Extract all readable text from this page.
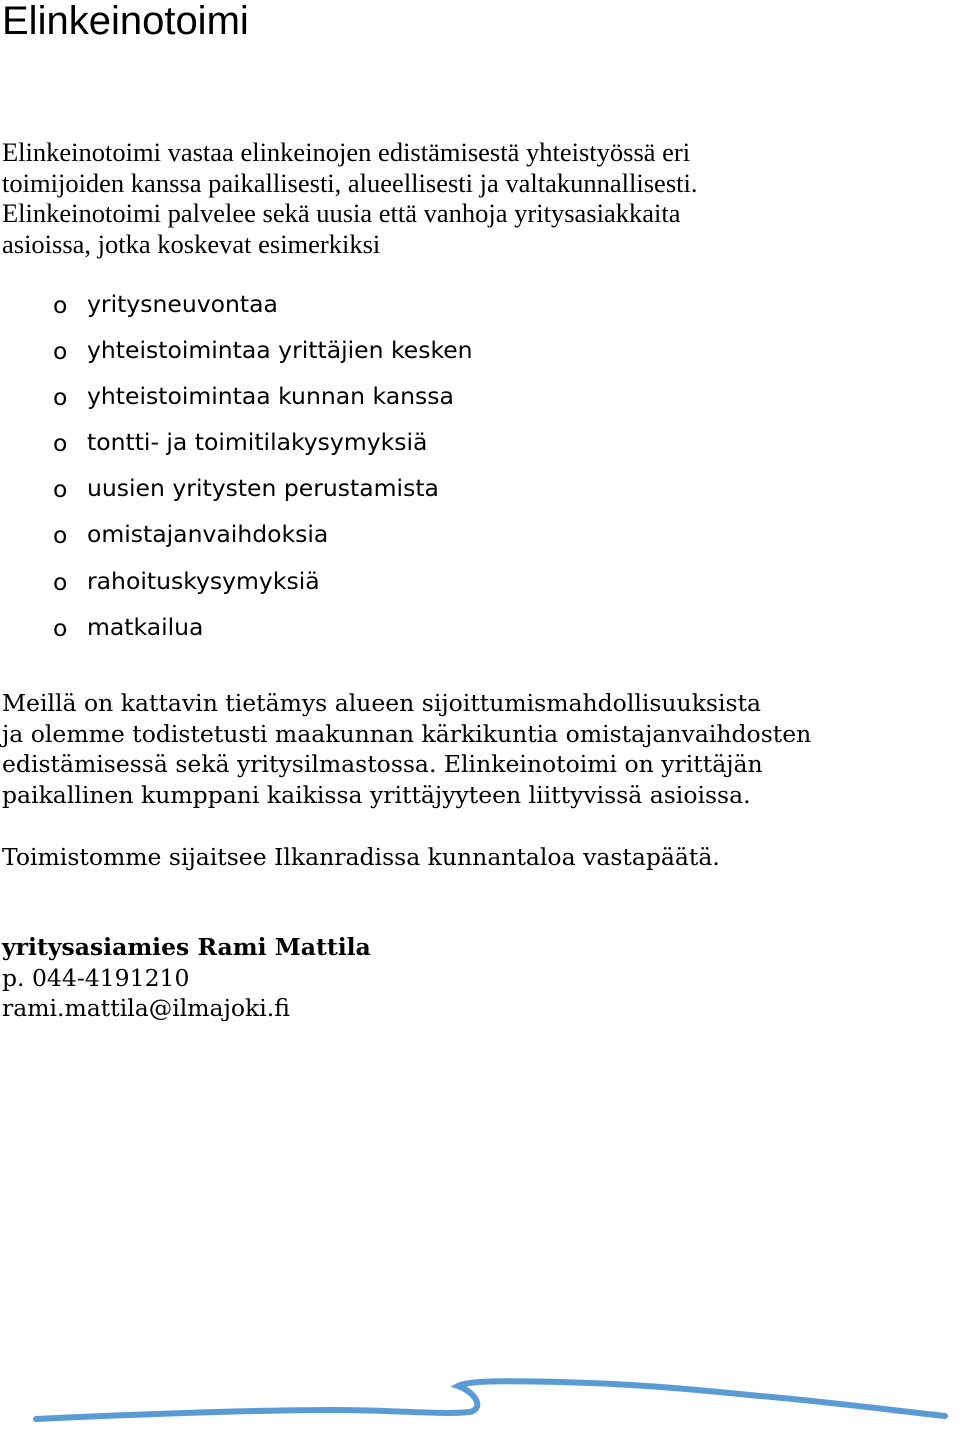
Elinkeinotoimi

Elinkeinotoimi vastaa elinkeinojen edistämisestä yhteistyössä eri
toimijoiden kanssa paikallisesti, alueellisesti ja valtakunnallisesti.
Elinkeinotoimi palvelee sekä uusia että vanhoja yritysasiakkaita
asioissa, jotka koskevat esimerkiksi

o yritysneuvontaa
o yhteistoimintaa yrittäjien kesken
o yhteistoimintaa kunnan kanssa
o tontti- ja toimitilakysymyksiä
o uusien yritysten perustamista
o omistajanvaihdoksia
o rahoituskysymyksiä
o matkailua

Meillä on kattavin tietämys alueen sijoittumismahdollisuuksista
ja olemme todistetusti maakunnan kärkikuntia omistajanvaihdosten
edistämisessä sekä yritysilmastossa. Elinkeinotoimi on yrittäjän
paikallinen kumppani kaikissa yrittäjyyteen liittyvissä asioissa.

Toimistomme sijaitsee Ilkanradissa kunnantaloa vastapäätä.

yritysasiamies Rami Mattila
p. 044-4191210
rami.mattila@ilmajoki.fi
